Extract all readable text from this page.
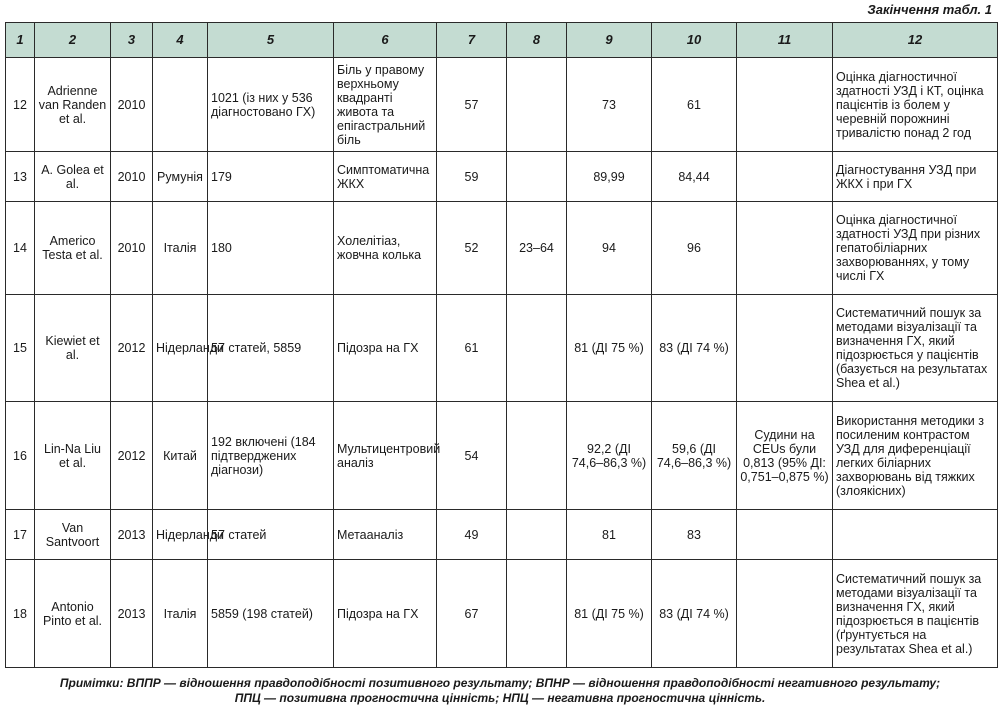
Закінчення табл. 1
1	2	3	4	5	6	7	8	9	10	11	12
12	Adrienne van Randen et al.	2010		1021 (із них у 536 діагностовано ГХ)	Біль у правому верхньому квадранті живота та епігастральний біль	57		73	61		Оцінка діагностичної здатності УЗД і КТ, оцінка пацієнтів із болем у черевній порожнині тривалістю понад 2 год
13	A. Golea et al.	2010	Румунія	179	Симптоматична ЖКХ	59		89,99	84,44		Діагностування УЗД при ЖКХ і при ГХ
14	Americo Testa et al.	2010	Італія	180	Холелітіаз, жовчна колька	52	23–64	94	96		Оцінка діагностичної здатності УЗД при різних гепатобіліарних захворюваннях, у тому числі ГХ
15	Kiewiet et al.	2012	Нідерланди	57 статей, 5859	Підозра на ГХ	61		81 (ДІ 75 %)	83 (ДІ 74 %)		Систематичний пошук за методами візуалізації та визначення ГХ, який підозрюється у пацієнтів (базується на результатах Shea et al.)
16	Lin-Na Liu et al.	2012	Китай	192 включені (184 підтверджених діагнози)	Мультицентровий аналіз	54		92,2 (ДІ 74,6–86,3 %)	59,6 (ДІ 74,6–86,3 %)	Судини на CEUs були 0,813 (95% ДІ: 0,751–0,875 %)	Використання методики з посиленим контрастом УЗД для диференціації легких біліарних захворювань від тяжких (злоякісних)
17	Van Santvoort	2013	Нідерланди	57 статей	Метааналіз	49		81	83		
18	Antonio Pinto et al.	2013	Італія	5859 (198 статей)	Підозра на ГХ	67		81 (ДІ 75 %)	83 (ДІ 74 %)		Систематичний пошук за методами візуалізації та визначення ГХ, який підозрюється в пацієнтів (ґрунтується на результатах Shea et al.)
Примітки: ВППР — відношення правдоподібності позитивного результату; ВПНР — відношення правдоподібності негативного результату;
ППЦ — позитивна прогностична цінність; НПЦ — негативна прогностична цінність.
